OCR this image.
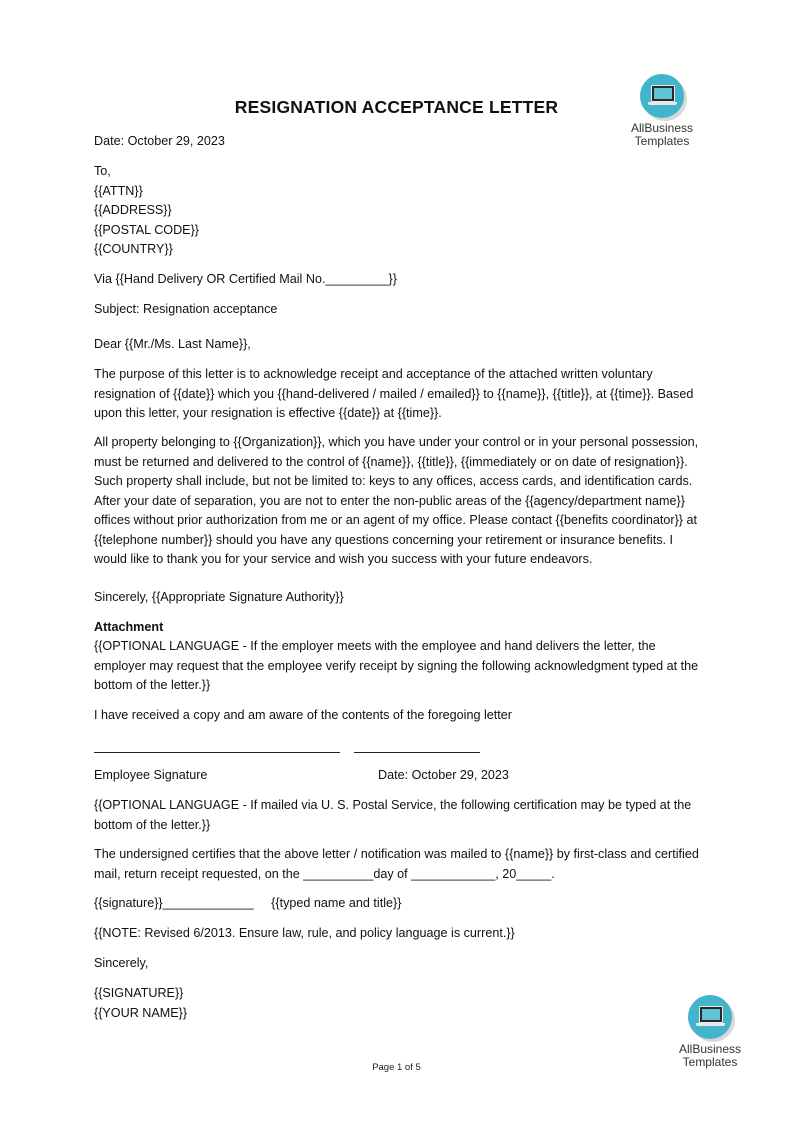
AllBusiness
Templates
RESIGNATION ACCEPTANCE LETTER
Date: October 29, 2023
To,
{{ATTN}}
{{ADDRESS}}
{{POSTAL CODE}}
{{COUNTRY}}
Via {{Hand Delivery OR Certified Mail No._________}}
Subject: Resignation acceptance
Dear {{Mr./Ms. Last Name}},
The purpose of this letter is to acknowledge receipt and acceptance of the attached written voluntary resignation of {{date}} which you {{hand-delivered / mailed / emailed}} to {{name}}, {{title}}, at {{time}}. Based upon this letter, your resignation is effective {{date}} at {{time}}.
All property belonging to {{Organization}}, which you have under your control or in your personal possession, must be returned and delivered to the control of {{name}}, {{title}}, {{immediately or on date of resignation}}. Such property shall include, but not be limited to: keys to any offices, access cards, and identification cards. After your date of separation, you are not to enter the non-public areas of the {{agency/department name}} offices without prior authorization from me or an agent of my office. Please contact {{benefits coordinator}} at {{telephone number}} should you have any questions concerning your retirement or insurance benefits. I would like to thank you for your service and wish you success with your future endeavors.
Sincerely, {{Appropriate Signature Authority}}
Attachment
{{OPTIONAL LANGUAGE - If the employer meets with the employee and hand delivers the letter, the employer may request that the employee verify receipt by signing the following acknowledgment typed at the bottom of the letter.}}
I have received a copy and am aware of the contents of the foregoing letter
Employee Signature	Date: October 29, 2023
{{OPTIONAL LANGUAGE - If mailed via U. S. Postal Service, the following certification may be typed at the bottom of the letter.}}
The undersigned certifies that the above letter / notification was mailed to {{name}} by first-class and certified mail, return receipt requested, on the __________day of ____________, 20_____.
{{signature}}_____________     {{typed name and title}}
{{NOTE: Revised 6/2013. Ensure law, rule, and policy language is current.}}
Sincerely,
{{SIGNATURE}}
{{YOUR NAME}}
AllBusiness
Templates
Page 1 of 5
